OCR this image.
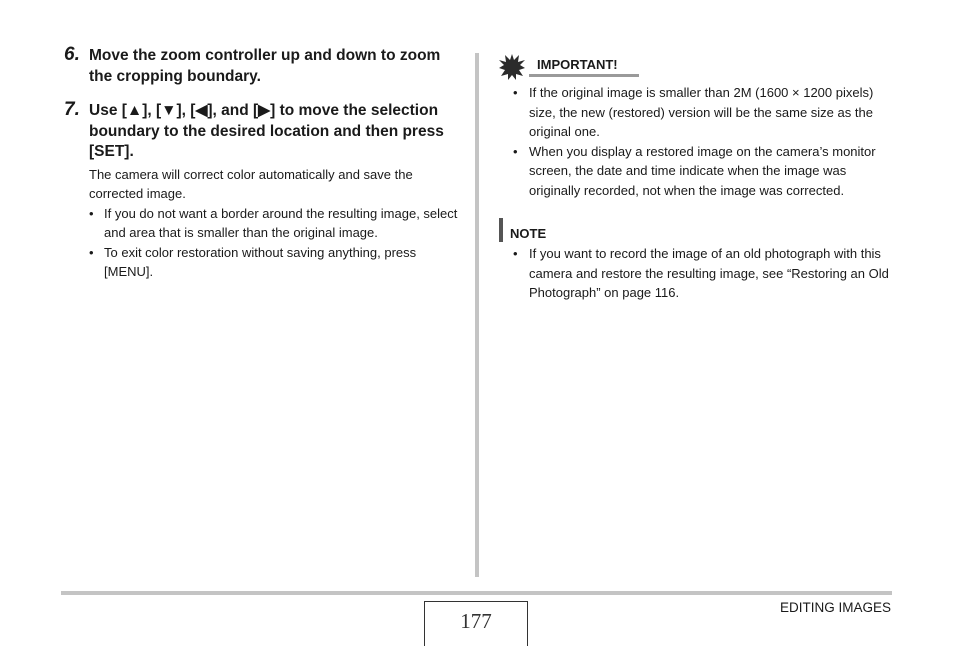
6. Move the zoom controller up and down to zoom the cropping boundary.
7. Use [▲], [▼], [◀], and [▶] to move the selection boundary to the desired location and then press [SET].
The camera will correct color automatically and save the corrected image.
• If you do not want a border around the resulting image, select and area that is smaller than the original image.
• To exit color restoration without saving anything, press [MENU].
IMPORTANT!
• If the original image is smaller than 2M (1600 × 1200 pixels) size, the new (restored) version will be the same size as the original one.
• When you display a restored image on the camera’s monitor screen, the date and time indicate when the image was originally recorded, not when the image was corrected.
NOTE
• If you want to record the image of an old photograph with this camera and restore the resulting image, see “Restoring an Old Photograph” on page 116.
177
EDITING IMAGES
